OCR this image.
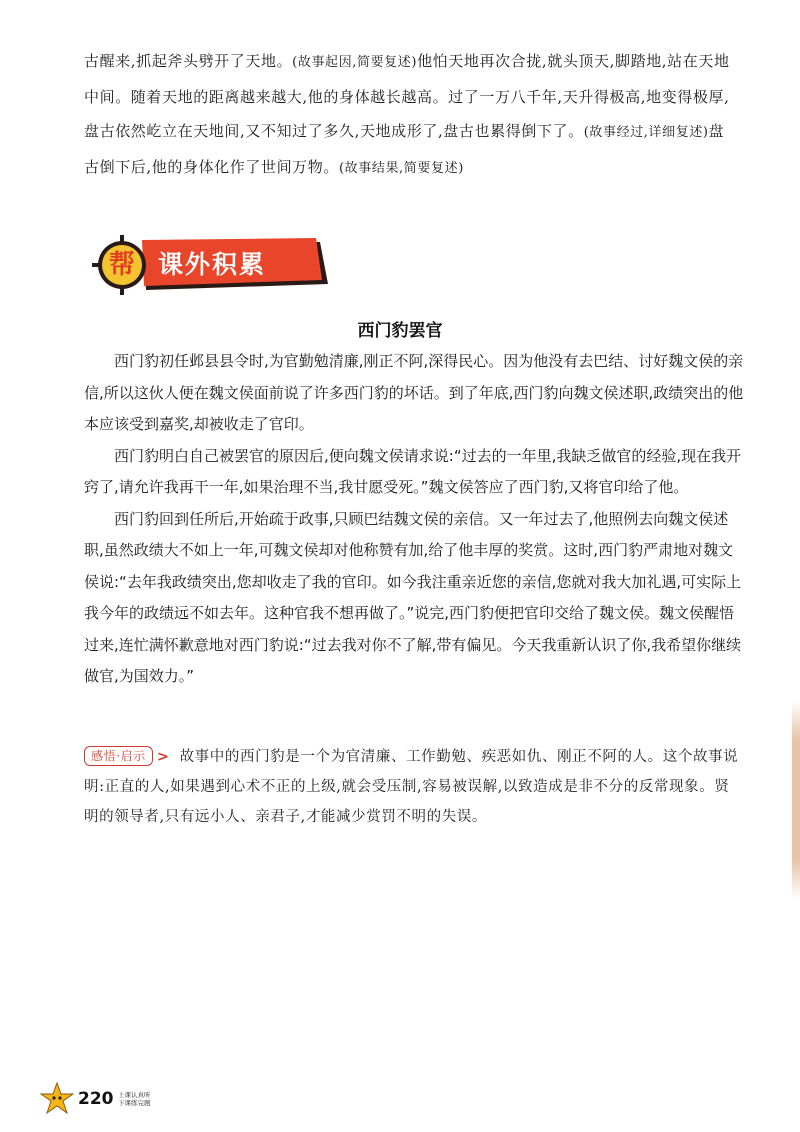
古醒来,抓起斧头劈开了天地。(故事起因,简要复述)他怕天地再次合拢,就头顶天,脚踏地,站在天地

中间。随着天地的距离越来越大,他的身体越长越高。过了一万八千年,天升得极高,地变得极厚,

盘古依然屹立在天地间,又不知过了多久,天地成形了,盘古也累得倒下了。(故事经过,详细复述)盘

古倒下后,他的身体化作了世间万物。(故事结果,简要复述)

帮 课外积累
西门豹罢官

西门豹初任邺县县令时,为官勤勉清廉,刚正不阿,深得民心。因为他没有去巴结、讨好魏文侯的亲信,所以这伙人便在魏文侯面前说了许多西门豹的坏话。到了年底,西门豹向魏文侯述职,政绩突出的他本应该受到嘉奖,却被收走了官印。

西门豹明白自己被罢官的原因后,便向魏文侯请求说:“过去的一年里,我缺乏做官的经验,现在我开窍了,请允许我再干一年,如果治理不当,我甘愿受死。”魏文侯答应了西门豹,又将官印给了他。

西门豹回到任所后,开始疏于政事,只顾巴结魏文侯的亲信。又一年过去了,他照例去向魏文侯述职,虽然政绩大不如上一年,可魏文侯却对他称赞有加,给了他丰厚的奖赏。这时,西门豹严肃地对魏文侯说:“去年我政绩突出,您却收走了我的官印。如今我注重亲近您的亲信,您就对我大加礼遇,可实际上我今年的政绩远不如去年。这种官我不想再做了。”说完,西门豹便把官印交给了魏文侯。魏文侯醒悟过来,连忙满怀歉意地对西门豹说:“过去我对你不了解,带有偏见。今天我重新认识了你,我希望你继续做官,为国效力。”

感悟·启示 > 故事中的西门豹是一个为官清廉、工作勤勉、疾恶如仇、刚正不阿的人。这个故事说明:正直的人,如果遇到心术不正的上级,就会受压制,容易被误解,以致造成是非不分的反常现象。贤明的领导者,只有远小人、亲君子,才能减少赏罚不明的失误。

220 上课认真听
下课练完题
